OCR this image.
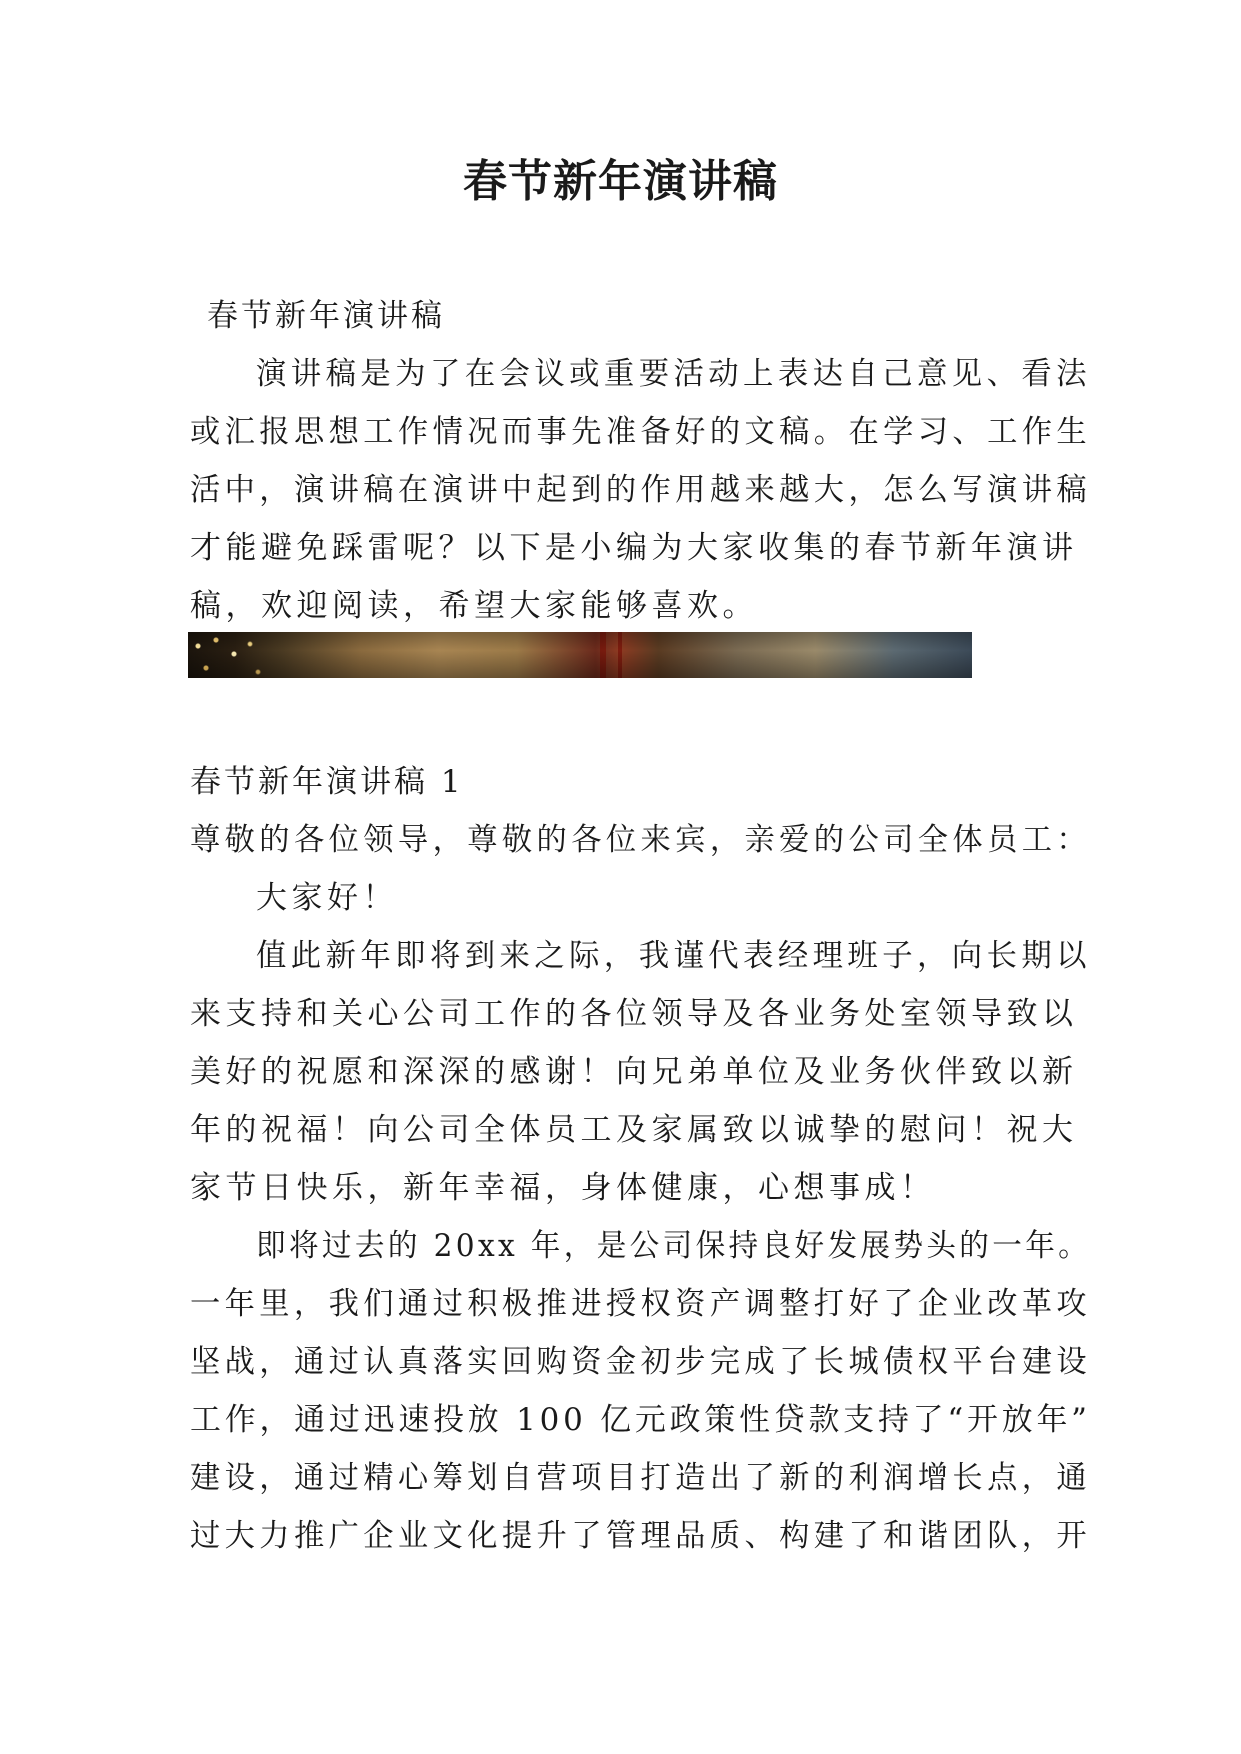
春节新年演讲稿

春节新年演讲稿

演讲稿是为了在会议或重要活动上表达自己意见、看法

或汇报思想工作情况而事先准备好的文稿。在学习、工作生

活中，演讲稿在演讲中起到的作用越来越大，怎么写演讲稿

才能避免踩雷呢？以下是小编为大家收集的春节新年演讲

稿，欢迎阅读，希望大家能够喜欢。

春节新年演讲稿 1

尊敬的各位领导，尊敬的各位来宾，亲爱的公司全体员工：

大家好！

值此新年即将到来之际，我谨代表经理班子，向长期以

来支持和关心公司工作的各位领导及各业务处室领导致以

美好的祝愿和深深的感谢！向兄弟单位及业务伙伴致以新

年的祝福！向公司全体员工及家属致以诚挚的慰问！祝大

家节日快乐，新年幸福，身体健康，心想事成！

即将过去的 20xx 年，是公司保持良好发展势头的一年。

一年里，我们通过积极推进授权资产调整打好了企业改革攻

坚战，通过认真落实回购资金初步完成了长城债权平台建设

工作，通过迅速投放 100 亿元政策性贷款支持了“开放年”

建设，通过精心筹划自营项目打造出了新的利润增长点，通

过大力推广企业文化提升了管理品质、构建了和谐团队，开
